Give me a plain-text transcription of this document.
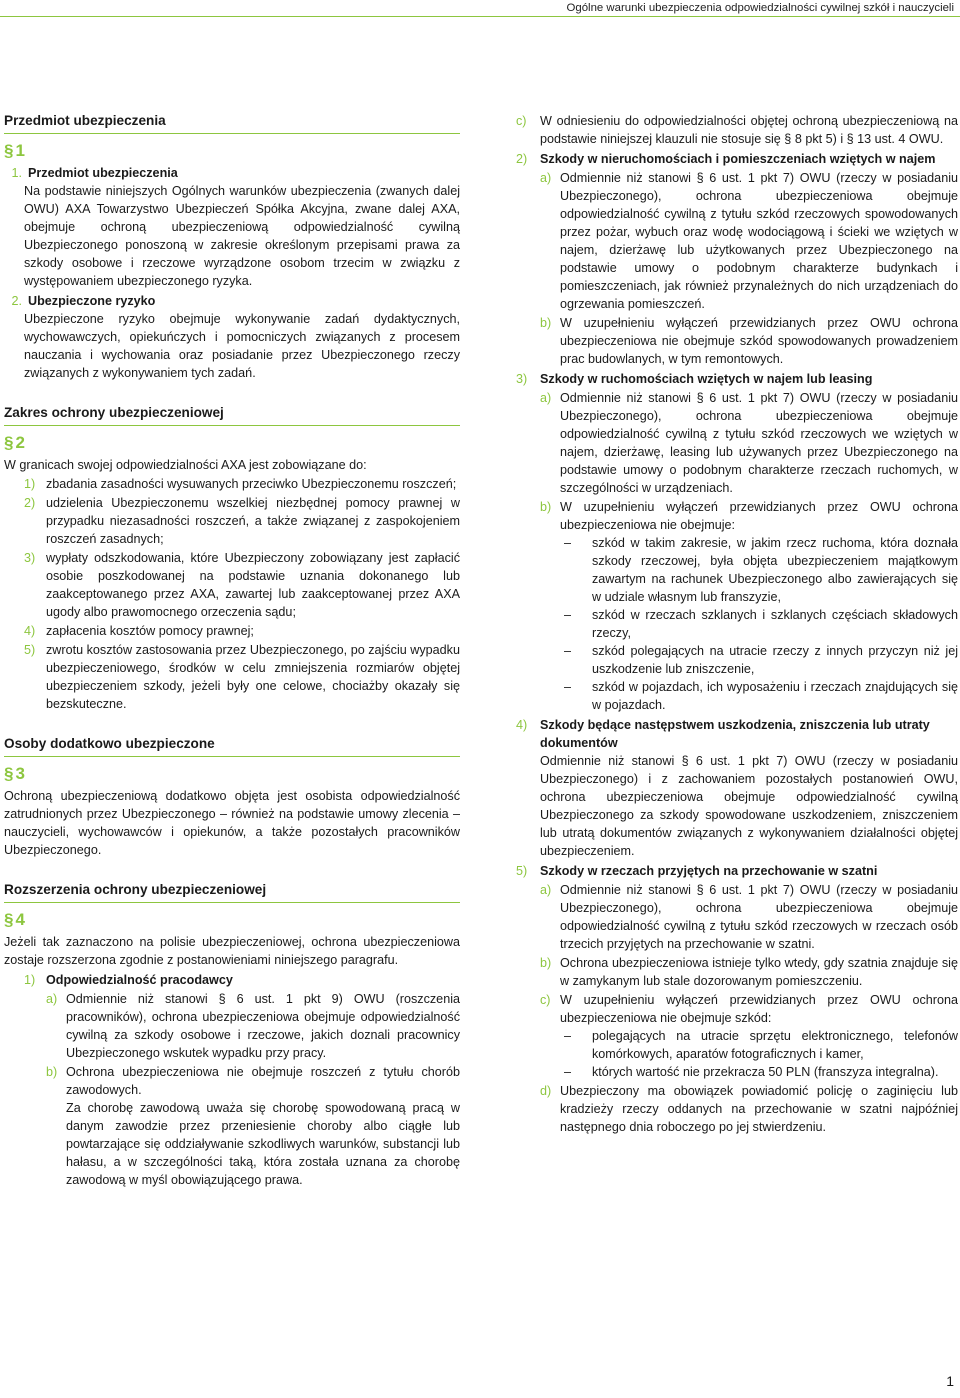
Ogólne warunki ubezpieczenia odpowiedzialności cywilnej szkół i nauczycieli
Przedmiot ubezpieczenia
§ 1
1. Przedmiot ubezpieczenia
Na podstawie niniejszych Ogólnych warunków ubezpieczenia (zwanych dalej OWU) AXA Towarzystwo Ubezpieczeń Spółka Akcyjna, zwane dalej AXA, obejmuje ochroną ubezpieczeniową odpowiedzialność cywilną Ubezpieczonego ponoszoną w zakresie określonym przepisami prawa za szkody osobowe i rzeczowe wyrządzone osobom trzecim w związku z występowaniem ubezpieczonego ryzyka.
2. Ubezpieczone ryzyko
Ubezpieczone ryzyko obejmuje wykonywanie zadań dydaktycznych, wychowawczych, opiekuńczych i pomocniczych związanych z procesem nauczania i wychowania oraz posiadanie przez Ubezpieczonego rzeczy związanych z wykonywaniem tych zadań.
Zakres ochrony ubezpieczeniowej
§ 2
W granicach swojej odpowiedzialności AXA jest zobowiązane do:
1) zbadania zasadności wysuwanych przeciwko Ubezpieczonemu roszczeń;
2) udzielenia Ubezpieczonemu wszelkiej niezbędnej pomocy prawnej w przypadku niezasadności roszczeń, a także związanej z zaspokojeniem roszczeń zasadnych;
3) wypłaty odszkodowania, które Ubezpieczony zobowiązany jest zapłacić osobie poszkodowanej na podstawie uznania dokonanego lub zaakceptowanego przez AXA, zawartej lub zaakceptowanej przez AXA ugody albo prawomocnego orzeczenia sądu;
4) zapłacenia kosztów pomocy prawnej;
5) zwrotu kosztów zastosowania przez Ubezpieczonego, po zajściu wypadku ubezpieczeniowego, środków w celu zmniejszenia rozmiarów objętej ubezpieczeniem szkody, jeżeli były one celowe, chociażby okazały się bezskuteczne.
Osoby dodatkowo ubezpieczone
§ 3
Ochroną ubezpieczeniową dodatkowo objęta jest osobista odpowiedzialność zatrudnionych przez Ubezpieczonego – również na podstawie umowy zlecenia – nauczycieli, wychowawców i opiekunów, a także pozostałych pracowników Ubezpieczonego.
Rozszerzenia ochrony ubezpieczeniowej
§ 4
Jeżeli tak zaznaczono na polisie ubezpieczeniowej, ochrona ubezpieczeniowa zostaje rozszerzona zgodnie z postanowieniami niniejszego paragrafu.
1) Odpowiedzialność pracodawcy
a) Odmiennie niż stanowi § 6 ust. 1 pkt 9) OWU (roszczenia pracowników), ochrona ubezpieczeniowa obejmuje odpowiedzialność cywilną za szkody osobowe i rzeczowe, jakich doznali pracownicy Ubezpieczonego wskutek wypadku przy pracy.
b) Ochrona ubezpieczeniowa nie obejmuje roszczeń z tytułu chorób zawodowych.
Za chorobę zawodową uważa się chorobę spowodowaną pracą w danym zawodzie przez przeniesienie choroby albo ciągłe lub powtarzające się oddziaływanie szkodliwych warunków, substancji lub hałasu, a w szczególności taką, która została uznana za chorobę zawodową w myśl obowiązującego prawa.
c)	W odniesieniu do odpowiedzialności objętej ochroną ubezpieczeniową na podstawie niniejszej klauzuli nie stosuje się § 8 pkt 5) i § 13 ust. 4 OWU.
2)	Szkody w nieruchomościach i pomieszczeniach wziętych w najem
a) Odmiennie niż stanowi § 6 ust. 1 pkt 7) OWU (rzeczy w posiadaniu Ubezpieczonego), ochrona ubezpieczeniowa obejmuje odpowiedzialność cywilną z tytułu szkód rzeczowych spowodowanych przez pożar, wybuch oraz wodę wodociągową i ścieki we wziętych w najem, dzierżawę lub użytkowanych przez Ubezpieczonego na podstawie umowy o podobnym charakterze budynkach i pomieszczeniach, jak również przynależnych do nich urządzeniach do ogrzewania pomieszczeń.
b) W uzupełnieniu wyłączeń przewidzianych przez OWU ochrona ubezpieczeniowa nie obejmuje szkód spowodowanych prowadzeniem prac budowlanych, w tym remontowych.
3)	Szkody w ruchomościach wziętych w najem lub leasing
a) Odmiennie niż stanowi § 6 ust. 1 pkt 7) OWU (rzeczy w posiadaniu Ubezpieczonego), ochrona ubezpieczeniowa obejmuje odpowiedzialność cywilną z tytułu szkód rzeczowych we wziętych w najem, dzierżawę, leasing lub używanych przez Ubezpieczonego na podstawie umowy o podobnym charakterze rzeczach ruchomych, w szczególności w urządzeniach.
b) W uzupełnieniu wyłączeń przewidzianych przez OWU ochrona ubezpieczeniowa nie obejmuje:
–	szkód w takim zakresie, w jakim rzecz ruchoma, która doznała szkody rzeczowej, była objęta ubezpieczeniem majątkowym zawartym na rachunek Ubezpieczonego albo zawierających się w udziale własnym lub franszyzie,
–	szkód w rzeczach szklanych i szklanych częściach składowych rzeczy,
–	szkód polegających na utracie rzeczy z innych przyczyn niż jej uszkodzenie lub zniszczenie,
–	szkód w pojazdach, ich wyposażeniu i rzeczach znajdujących się w pojazdach.
4)	Szkody będące następstwem uszkodzenia, zniszczenia lub utraty dokumentów
Odmiennie niż stanowi § 6 ust. 1 pkt 7) OWU (rzeczy w posiadaniu Ubezpieczonego) i z zachowaniem pozostałych postanowień OWU, ochrona ubezpieczeniowa obejmuje odpowiedzialność cywilną Ubezpieczonego za szkody spowodowane uszkodzeniem, zniszczeniem lub utratą dokumentów związanych z wykonywaniem działalności objętej ubezpieczeniem.
5)	Szkody w rzeczach przyjętych na przechowanie w szatni
a) Odmiennie niż stanowi § 6 ust. 1 pkt 7) OWU (rzeczy w posiadaniu Ubezpieczonego), ochrona ubezpieczeniowa obejmuje odpowiedzialność cywilną z tytułu szkód rzeczowych w rzeczach osób trzecich przyjętych na przechowanie w szatni.
b) Ochrona ubezpieczeniowa istnieje tylko wtedy, gdy szatnia znajduje się w zamykanym lub stale dozorowanym pomieszczeniu.
c) W uzupełnieniu wyłączeń przewidzianych przez OWU ochrona ubezpieczeniowa nie obejmuje szkód:
–	polegających na utracie sprzętu elektronicznego, telefonów komórkowych, aparatów fotograficznych i kamer,
–	których wartość nie przekracza 50 PLN (franszyza integralna).
d) Ubezpieczony ma obowiązek powiadomić policję o zaginięciu lub kradzieży rzeczy oddanych na przechowanie w szatni najpóźniej następnego dnia roboczego po jej stwierdzeniu.
1
